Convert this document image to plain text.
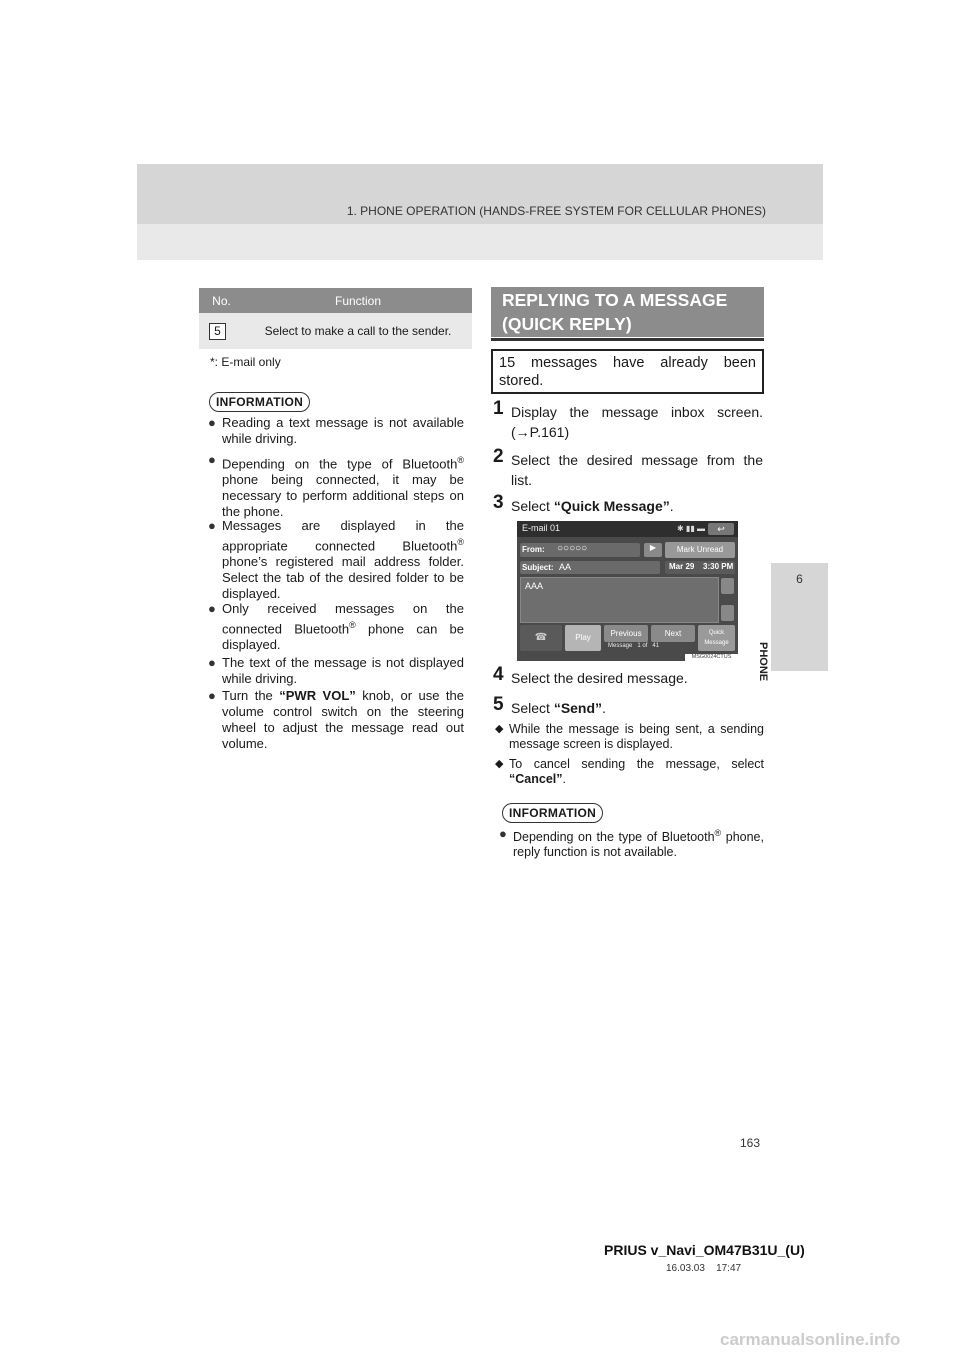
1. PHONE OPERATION (HANDS-FREE SYSTEM FOR CELLULAR PHONES)
6
PHONE
No.	Function
5	Select to make a call to the sender.
*: E-mail only
INFORMATION
● Reading a text message is not available while driving.
● Depending on the type of Bluetooth® phone being connected, it may be necessary to perform additional steps on the phone.
● Messages are displayed in the appropriate connected Bluetooth® phone’s registered mail address folder. Select the tab of the desired folder to be displayed.
● Only received messages on the connected Bluetooth® phone can be displayed.
● The text of the message is not displayed while driving.
● Turn the “PWR VOL” knob, or use the volume control switch on the steering wheel to adjust the message read out volume.
REPLYING TO A MESSAGE
(QUICK REPLY)
15 messages have already been stored.
1 Display the message inbox screen. (→P.161)
2 Select the desired message from the list.
3 Select “Quick Message”.
E-mail 01	✱ ▮▮ ▬	↩
From: ○○○○○	▶	Mark Unread
Subject: AA	Mar 29 3:30 PM
AAA
☎	Play	Previous	Next
Message   1 of   41
Quick
Message
MSG0024CTUS
4 Select the desired message.
5 Select “Send”.
◆ While the message is being sent, a sending message screen is displayed.
◆ To cancel sending the message, select “Cancel”.
INFORMATION
● Depending on the type of Bluetooth® phone, reply function is not available.
163
PRIUS v_Navi_OM47B31U_(U)
16.03.03 17:47
carmanualsonline.info
